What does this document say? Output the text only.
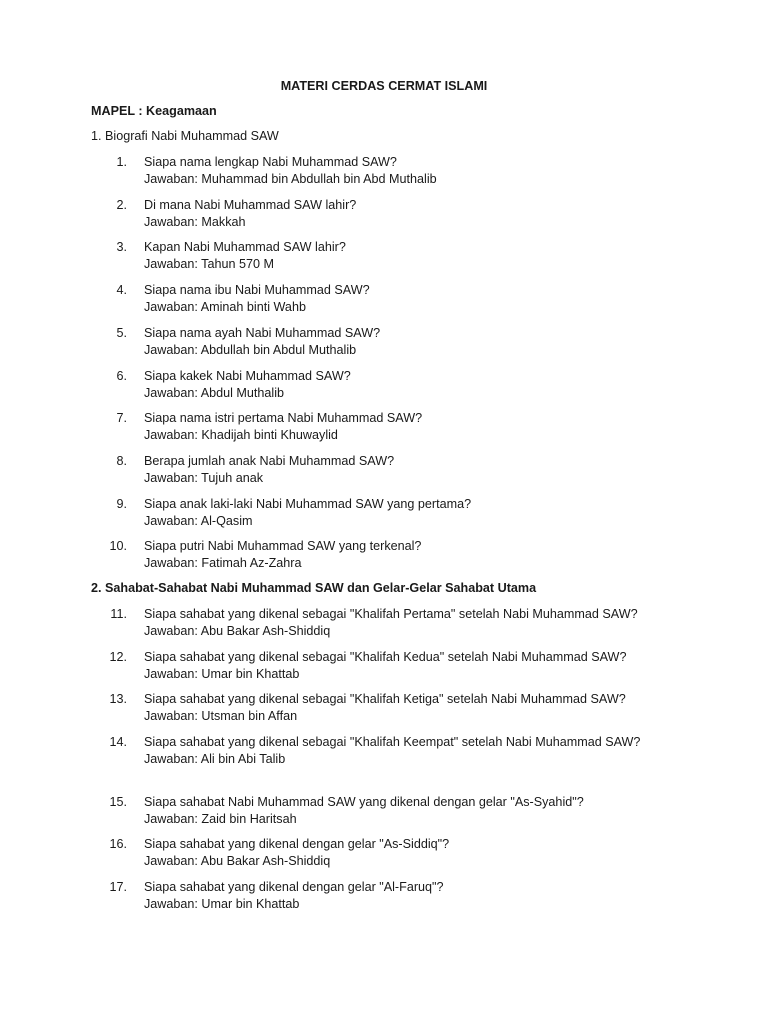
MATERI CERDAS CERMAT ISLAMI
MAPEL : Keagamaan
1. Biografi Nabi Muhammad SAW
1. Siapa nama lengkap Nabi Muhammad SAW?
Jawaban: Muhammad bin Abdullah bin Abd Muthalib
2. Di mana Nabi Muhammad SAW lahir?
Jawaban: Makkah
3. Kapan Nabi Muhammad SAW lahir?
Jawaban: Tahun 570 M
4. Siapa nama ibu Nabi Muhammad SAW?
Jawaban: Aminah binti Wahb
5. Siapa nama ayah Nabi Muhammad SAW?
Jawaban: Abdullah bin Abdul Muthalib
6. Siapa kakek Nabi Muhammad SAW?
Jawaban: Abdul Muthalib
7. Siapa nama istri pertama Nabi Muhammad SAW?
Jawaban: Khadijah binti Khuwaylid
8. Berapa jumlah anak Nabi Muhammad SAW?
Jawaban: Tujuh anak
9. Siapa anak laki-laki Nabi Muhammad SAW yang pertama?
Jawaban: Al-Qasim
10. Siapa putri Nabi Muhammad SAW yang terkenal?
Jawaban: Fatimah Az-Zahra
2. Sahabat-Sahabat Nabi Muhammad SAW dan Gelar-Gelar Sahabat Utama
11. Siapa sahabat yang dikenal sebagai "Khalifah Pertama" setelah Nabi Muhammad SAW?
Jawaban: Abu Bakar Ash-Shiddiq
12. Siapa sahabat yang dikenal sebagai "Khalifah Kedua" setelah Nabi Muhammad SAW?
Jawaban: Umar bin Khattab
13. Siapa sahabat yang dikenal sebagai "Khalifah Ketiga" setelah Nabi Muhammad SAW?
Jawaban: Utsman bin Affan
14. Siapa sahabat yang dikenal sebagai "Khalifah Keempat" setelah Nabi Muhammad SAW?
Jawaban: Ali bin Abi Talib
15. Siapa sahabat Nabi Muhammad SAW yang dikenal dengan gelar "As-Syahid"?
Jawaban: Zaid bin Haritsah
16. Siapa sahabat yang dikenal dengan gelar "As-Siddiq"?
Jawaban: Abu Bakar Ash-Shiddiq
17. Siapa sahabat yang dikenal dengan gelar "Al-Faruq"?
Jawaban: Umar bin Khattab
